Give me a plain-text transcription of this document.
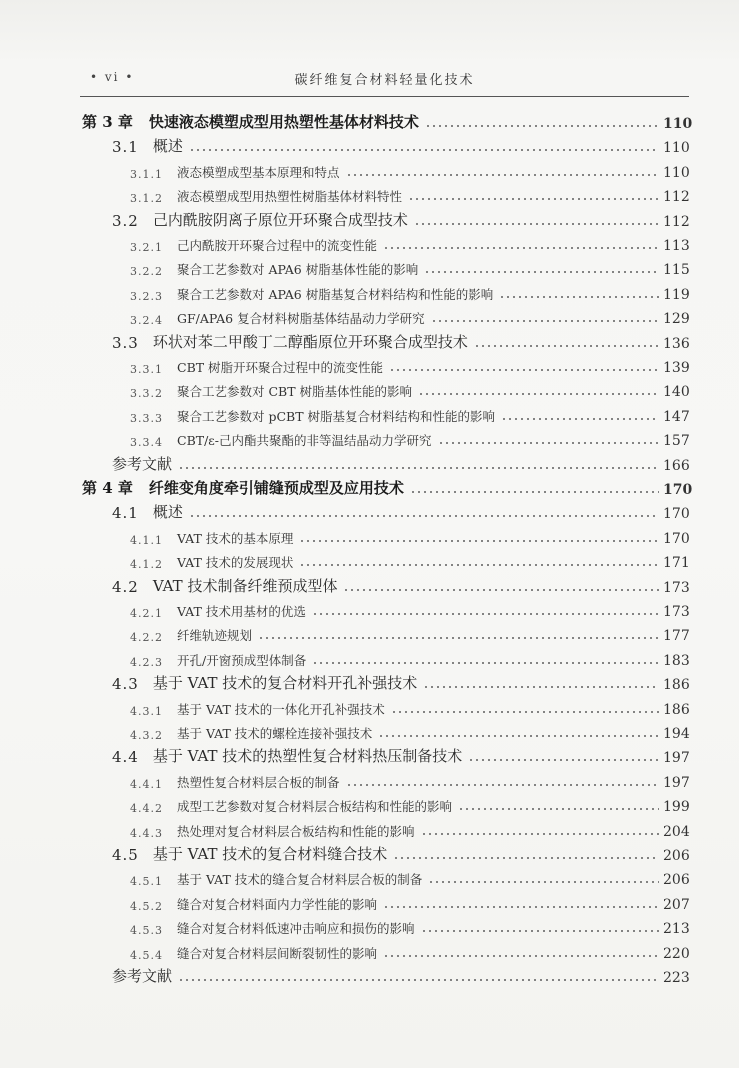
• vi •	碳纤维复合材料轻量化技术
第 3 章 快速液态模塑成型用热塑性基体材料技术	110
3.1 概述	110
3.1.1 液态模塑成型基本原理和特点	110
3.1.2 液态模塑成型用热塑性树脂基体材料特性	112
3.2 己内酰胺阴离子原位开环聚合成型技术	112
3.2.1 己内酰胺开环聚合过程中的流变性能	113
3.2.2 聚合工艺参数对 APA6 树脂基体性能的影响	115
3.2.3 聚合工艺参数对 APA6 树脂基复合材料结构和性能的影响	119
3.2.4 GF/APA6 复合材料树脂基体结晶动力学研究	129
3.3 环状对苯二甲酸丁二醇酯原位开环聚合成型技术	136
3.3.1 CBT 树脂开环聚合过程中的流变性能	139
3.3.2 聚合工艺参数对 CBT 树脂基体性能的影响	140
3.3.3 聚合工艺参数对 pCBT 树脂基复合材料结构和性能的影响	147
3.3.4 CBT/ε-己内酯共聚酯的非等温结晶动力学研究	157
参考文献	166
第 4 章 纤维变角度牵引铺缝预成型及应用技术	170
4.1 概述	170
4.1.1 VAT 技术的基本原理	170
4.1.2 VAT 技术的发展现状	171
4.2 VAT 技术制备纤维预成型体	173
4.2.1 VAT 技术用基材的优选	173
4.2.2 纤维轨迹规划	177
4.2.3 开孔/开窗预成型体制备	183
4.3 基于 VAT 技术的复合材料开孔补强技术	186
4.3.1 基于 VAT 技术的一体化开孔补强技术	186
4.3.2 基于 VAT 技术的螺栓连接补强技术	194
4.4 基于 VAT 技术的热塑性复合材料热压制备技术	197
4.4.1 热塑性复合材料层合板的制备	197
4.4.2 成型工艺参数对复合材料层合板结构和性能的影响	199
4.4.3 热处理对复合材料层合板结构和性能的影响	204
4.5 基于 VAT 技术的复合材料缝合技术	206
4.5.1 基于 VAT 技术的缝合复合材料层合板的制备	206
4.5.2 缝合对复合材料面内力学性能的影响	207
4.5.3 缝合对复合材料低速冲击响应和损伤的影响	213
4.5.4 缝合对复合材料层间断裂韧性的影响	220
参考文献	223
